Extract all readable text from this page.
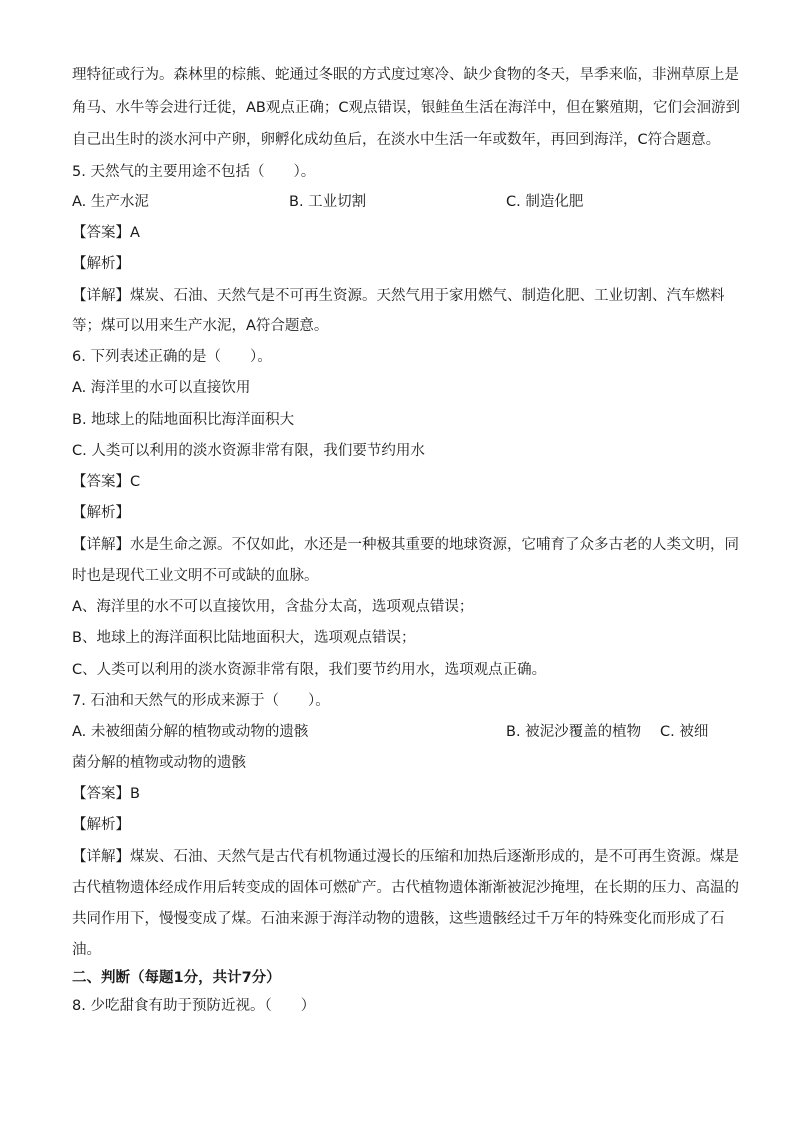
理特征或行为。森林里的棕熊、蛇通过冬眠的方式度过寒冷、缺少食物的冬天，旱季来临，非洲草原上是
角马、水牛等会进行迁徙，AB观点正确；C观点错误，银鲑鱼生活在海洋中，但在繁殖期，它们会洄游到
自己出生时的淡水河中产卵，卵孵化成幼鱼后，在淡水中生活一年或数年，再回到海洋，C符合题意。
5. 天然气的主要用途不包括（　　）。
A. 生产水泥	B. 工业切割	C. 制造化肥
【答案】A
【解析】
【详解】煤炭、石油、天然气是不可再生资源。天然气用于家用燃气、制造化肥、工业切割、汽车燃料
等；煤可以用来生产水泥，A符合题意。
6. 下列表述正确的是（　　）。
A. 海洋里的水可以直接饮用
B. 地球上的陆地面积比海洋面积大
C. 人类可以利用的淡水资源非常有限，我们要节约用水
【答案】C
【解析】
【详解】水是生命之源。不仅如此，水还是一种极其重要的地球资源，它哺育了众多古老的人类文明，同
时也是现代工业文明不可或缺的血脉。
A、海洋里的水不可以直接饮用，含盐分太高，选项观点错误；
B、地球上的海洋面积比陆地面积大，选项观点错误；
C、人类可以利用的淡水资源非常有限，我们要节约用水，选项观点正确。
7. 石油和天然气的形成来源于（　　）。
A. 未被细菌分解的植物或动物的遗骸	B. 被泥沙覆盖的植物 C. 被细
菌分解的植物或动物的遗骸
【答案】B
【解析】
【详解】煤炭、石油、天然气是古代有机物通过漫长的压缩和加热后逐渐形成的，是不可再生资源。煤是
古代植物遗体经成作用后转变成的固体可燃矿产。古代植物遗体渐渐被泥沙掩埋，在长期的压力、高温的
共同作用下，慢慢变成了煤。石油来源于海洋动物的遗骸，这些遗骸经过千万年的特殊变化而形成了石
油。
二、判断（每题1分，共计7分）
8. 少吃甜食有助于预防近视。（　　）
